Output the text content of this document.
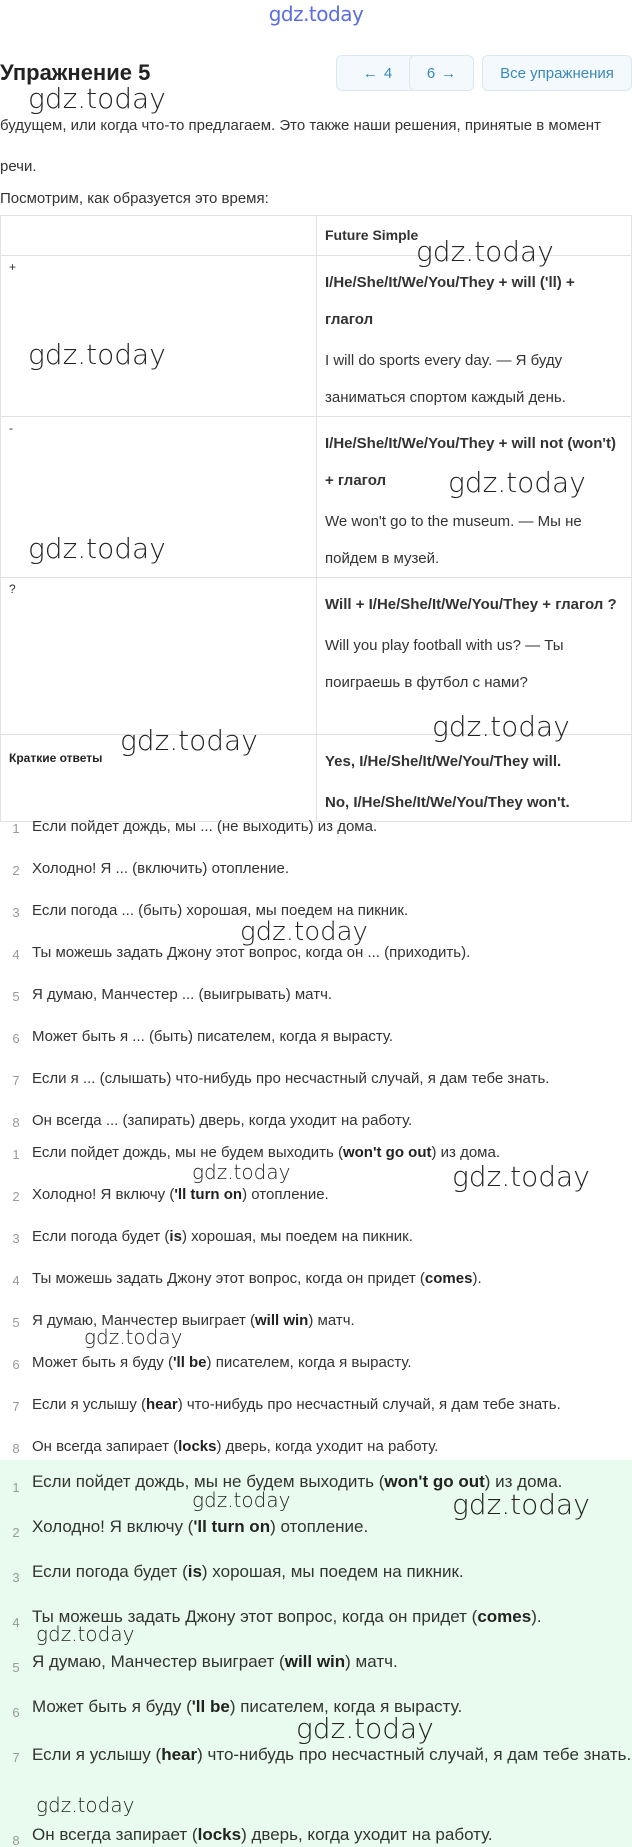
gdz.today
Упражнение 5	← 4 6 →	Все упражнения
будущем, или когда что-то предлагаем. Это также наши решения, принятые в момент речи.
Посмотрим, как образуется это время:
	Future Simple
+	I/He/She/It/We/You/They + will ('ll) + глагол
I will do sports every day. — Я буду заниматься спортом каждый день.

-	I/He/She/It/We/You/They + will not (won't) + глагол
We won't go to the museum. — Мы не пойдем в музей.

?	Will + I/He/She/It/We/You/They + глагол ?
Will you play football with us? — Ты поиграешь в футбол с нами?

Краткие ответы	Yes, I/He/She/It/We/You/They will.
No, I/He/She/It/We/You/They won't.
1 Если пойдет дождь, мы ... (не выходить) из дома.
2 Холодно! Я ... (включить) отопление.
3 Если погода ... (быть) хорошая, мы поедем на пикник.
4 Ты можешь задать Джону этот вопрос, когда он ... (приходить).
5 Я думаю, Манчестер ... (выигрывать) матч.
6 Может быть я ... (быть) писателем, когда я вырасту.
7 Если я ... (слышать) что-нибудь про несчастный случай, я дам тебе знать.
8 Он всегда ... (запирать) дверь, когда уходит на работу.
1 Если пойдет дождь, мы не будем выходить (won't go out) из дома.
2 Холодно! Я включу ('ll turn on) отопление.
3 Если погода будет (is) хорошая, мы поедем на пикник.
4 Ты можешь задать Джону этот вопрос, когда он придет (comes).
5 Я думаю, Манчестер выиграет (will win) матч.
6 Может быть я буду ('ll be) писателем, когда я вырасту.
7 Если я услышу (hear) что-нибудь про несчастный случай, я дам тебе знать.
8 Он всегда запирает (locks) дверь, когда уходит на работу.
1 Если пойдет дождь, мы не будем выходить (won't go out) из дома.
2 Холодно! Я включу ('ll turn on) отопление.
3 Если погода будет (is) хорошая, мы поедем на пикник.
4 Ты можешь задать Джону этот вопрос, когда он придет (comes).
5 Я думаю, Манчестер выиграет (will win) матч.
6 Может быть я буду ('ll be) писателем, когда я вырасту.
7 Если я услышу (hear) что-нибудь про несчастный случай, я дам тебе знать.
8 Он всегда запирает (locks) дверь, когда уходит на работу.
gdz.today
gdz.today
gdz.today
gdz.today
gdz.today
gdz.today
gdz.today
gdz.today
gdz.today	gdz.today
gdz.today
gdz.today	gdz.today
gdz.today
gdz.today
gdz.today
